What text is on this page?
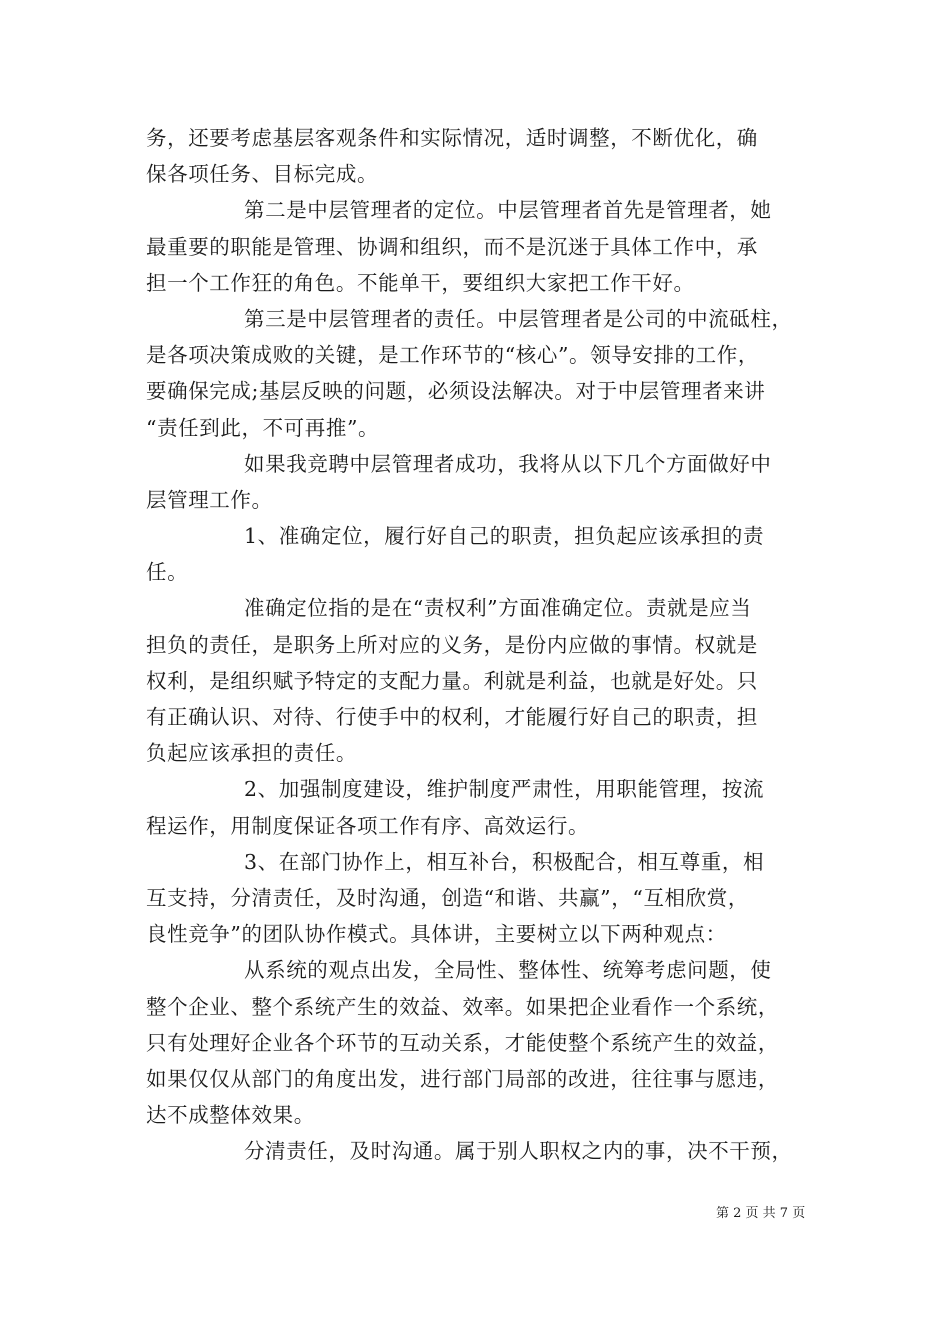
务，还要考虑基层客观条件和实际情况，适时调整，不断优化，确
保各项任务、目标完成。
第二是中层管理者的定位。中层管理者首先是管理者，她
最重要的职能是管理、协调和组织，而不是沉迷于具体工作中，承
担一个工作狂的角色。不能单干，要组织大家把工作干好。
第三是中层管理者的责任。中层管理者是公司的中流砥柱，
是各项决策成败的关键，是工作环节的“核心”。领导安排的工作，
要确保完成;基层反映的问题，必须设法解决。对于中层管理者来讲
“责任到此，不可再推”。
如果我竞聘中层管理者成功，我将从以下几个方面做好中
层管理工作。
1、准确定位，履行好自己的职责，担负起应该承担的责
任。
准确定位指的是在“责权利”方面准确定位。责就是应当
担负的责任，是职务上所对应的义务，是份内应做的事情。权就是
权利，是组织赋予特定的支配力量。利就是利益，也就是好处。只
有正确认识、对待、行使手中的权利，才能履行好自己的职责，担
负起应该承担的责任。
2、加强制度建设，维护制度严肃性，用职能管理，按流
程运作，用制度保证各项工作有序、高效运行。
3、在部门协作上，相互补台，积极配合，相互尊重，相
互支持，分清责任，及时沟通，创造“和谐、共赢”，“互相欣赏，
良性竞争”的团队协作模式。具体讲，主要树立以下两种观点：
从系统的观点出发，全局性、整体性、统筹考虑问题，使
整个企业、整个系统产生的效益、效率。如果把企业看作一个系统，
只有处理好企业各个环节的互动关系，才能使整个系统产生的效益，
如果仅仅从部门的角度出发，进行部门局部的改进，往往事与愿违，
达不成整体效果。
分清责任，及时沟通。属于别人职权之内的事，决不干预，
第 2 页 共 7 页
